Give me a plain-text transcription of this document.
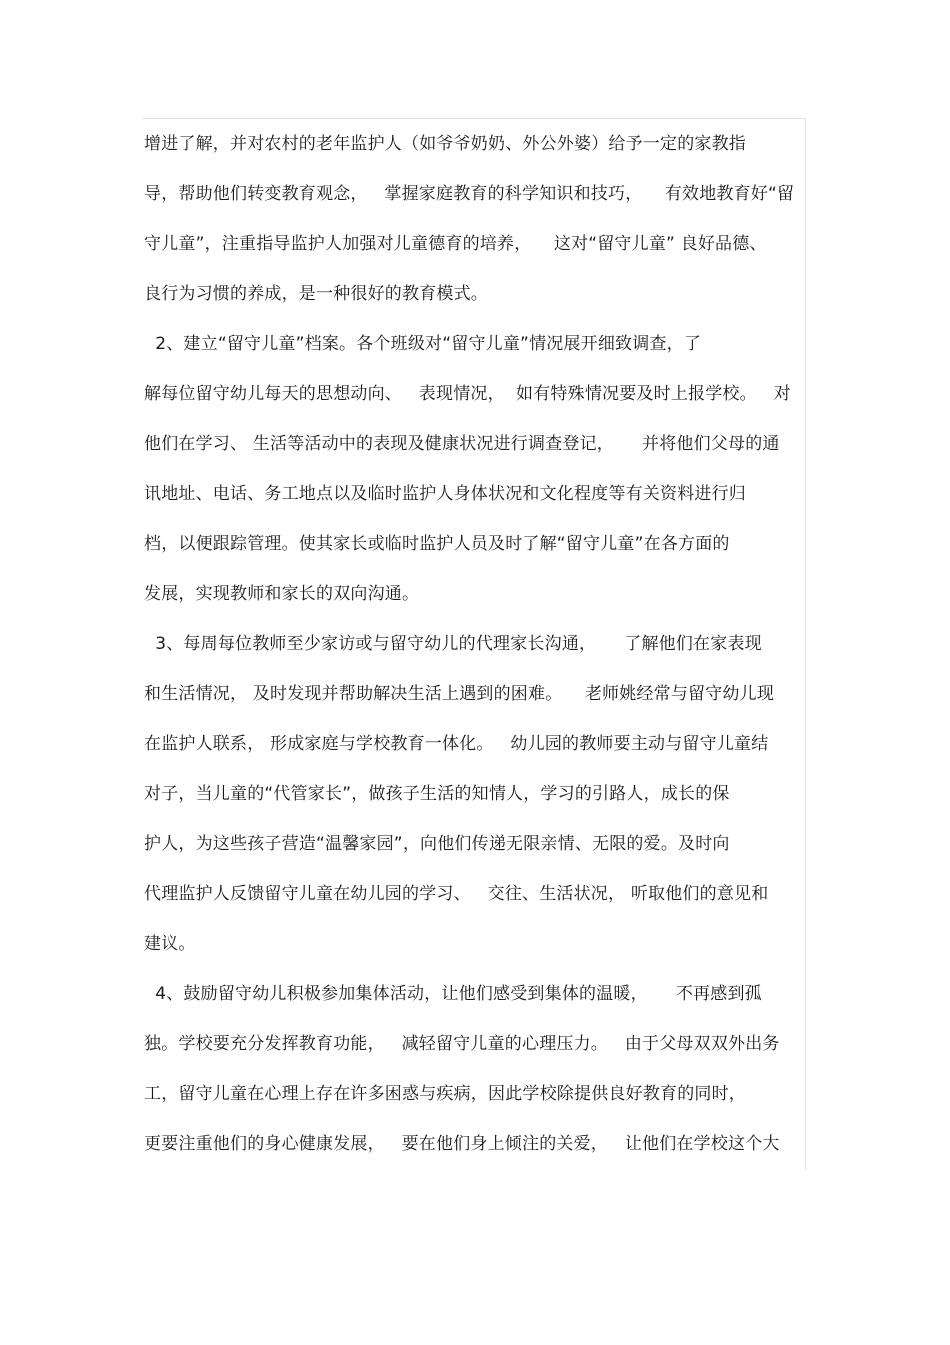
增进了解，并对农村的老年监护人（如爷爷奶奶、外公外婆）给予一定的家教指
导，帮助他们转变教育观念，   掌握家庭教育的科学知识和技巧，    有效地教育好“留
守儿童”，注重指导监护人加强对儿童德育的培养，    这对“留守儿童” 良好品德、
良行为习惯的养成，是一种很好的教育模式。
2、建立“留守儿童”档案。各个班级对“留守儿童”情况展开细致调查，了
解每位留守幼儿每天的思想动向、   表现情况，  如有特殊情况要及时上报学校。   对
他们在学习、 生活等活动中的表现及健康状况进行调查登记，     并将他们父母的通
讯地址、电话、务工地点以及临时监护人身体状况和文化程度等有关资料进行归
档，以便跟踪管理。使其家长或临时监护人员及时了解“留守儿童”在各方面的
发展，实现教师和家长的双向沟通。
3、每周每位教师至少家访或与留守幼儿的代理家长沟通，     了解他们在家表现
和生活情况， 及时发现并帮助解决生活上遇到的困难。    老师姚经常与留守幼儿现
在监护人联系， 形成家庭与学校教育一体化。   幼儿园的教师要主动与留守儿童结
对子，当儿童的“代管家长”，做孩子生活的知情人，学习的引路人，成长的保
护人，为这些孩子营造“温馨家园”，向他们传递无限亲情、无限的爱。及时向
代理监护人反馈留守儿童在幼儿园的学习、   交往、生活状况， 听取他们的意见和
建议。
4、鼓励留守幼儿积极参加集体活动，让他们感受到集体的温暖，     不再感到孤
独。学校要充分发挥教育功能，   减轻留守儿童的心理压力。   由于父母双双外出务
工，留守儿童在心理上存在许多困惑与疾病，因此学校除提供良好教育的同时，
更要注重他们的身心健康发展，   要在他们身上倾注的关爱，   让他们在学校这个大
